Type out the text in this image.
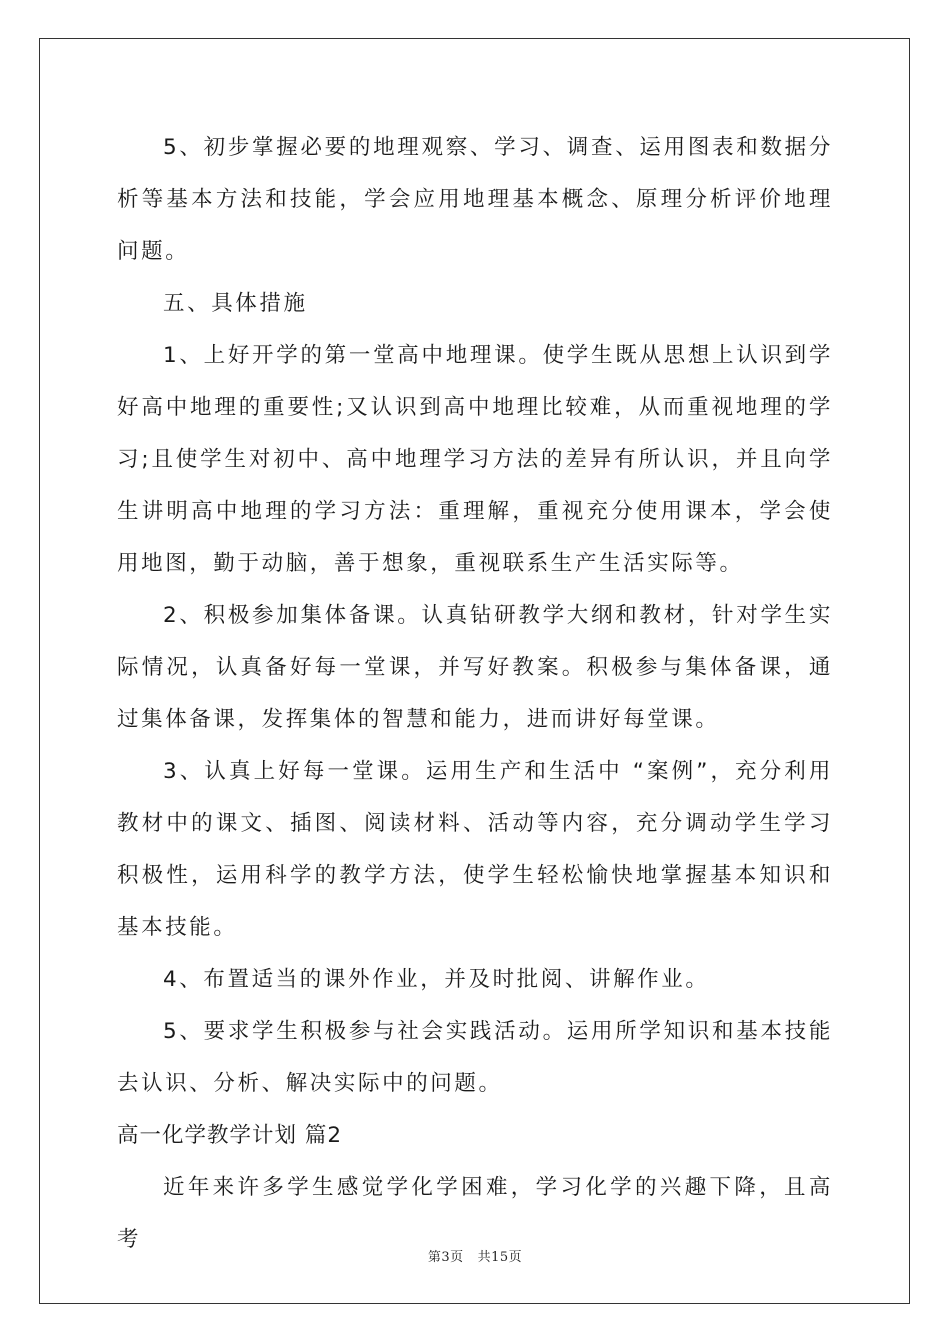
5、初步掌握必要的地理观察、学习、调查、运用图表和数据分析等基本方法和技能，学会应用地理基本概念、原理分析评价地理问题。

五、具体措施

1、上好开学的第一堂高中地理课。使学生既从思想上认识到学好高中地理的重要性;又认识到高中地理比较难，从而重视地理的学习;且使学生对初中、高中地理学习方法的差异有所认识，并且向学生讲明高中地理的学习方法：重理解，重视充分使用课本，学会使用地图，勤于动脑，善于想象，重视联系生产生活实际等。

2、积极参加集体备课。认真钻研教学大纲和教材，针对学生实际情况，认真备好每一堂课，并写好教案。积极参与集体备课，通过集体备课，发挥集体的智慧和能力，进而讲好每堂课。

3、认真上好每一堂课。运用生产和生活中 “案例”，充分利用教材中的课文、插图、阅读材料、活动等内容，充分调动学生学习积极性，运用科学的教学方法，使学生轻松愉快地掌握基本知识和基本技能。

4、布置适当的课外作业，并及时批阅、讲解作业。

5、要求学生积极参与社会实践活动。运用所学知识和基本技能去认识、分析、解决实际中的问题。

高一化学教学计划 篇2

近年来许多学生感觉学化学困难，学习化学的兴趣下降，且高考

第3页 共15页
